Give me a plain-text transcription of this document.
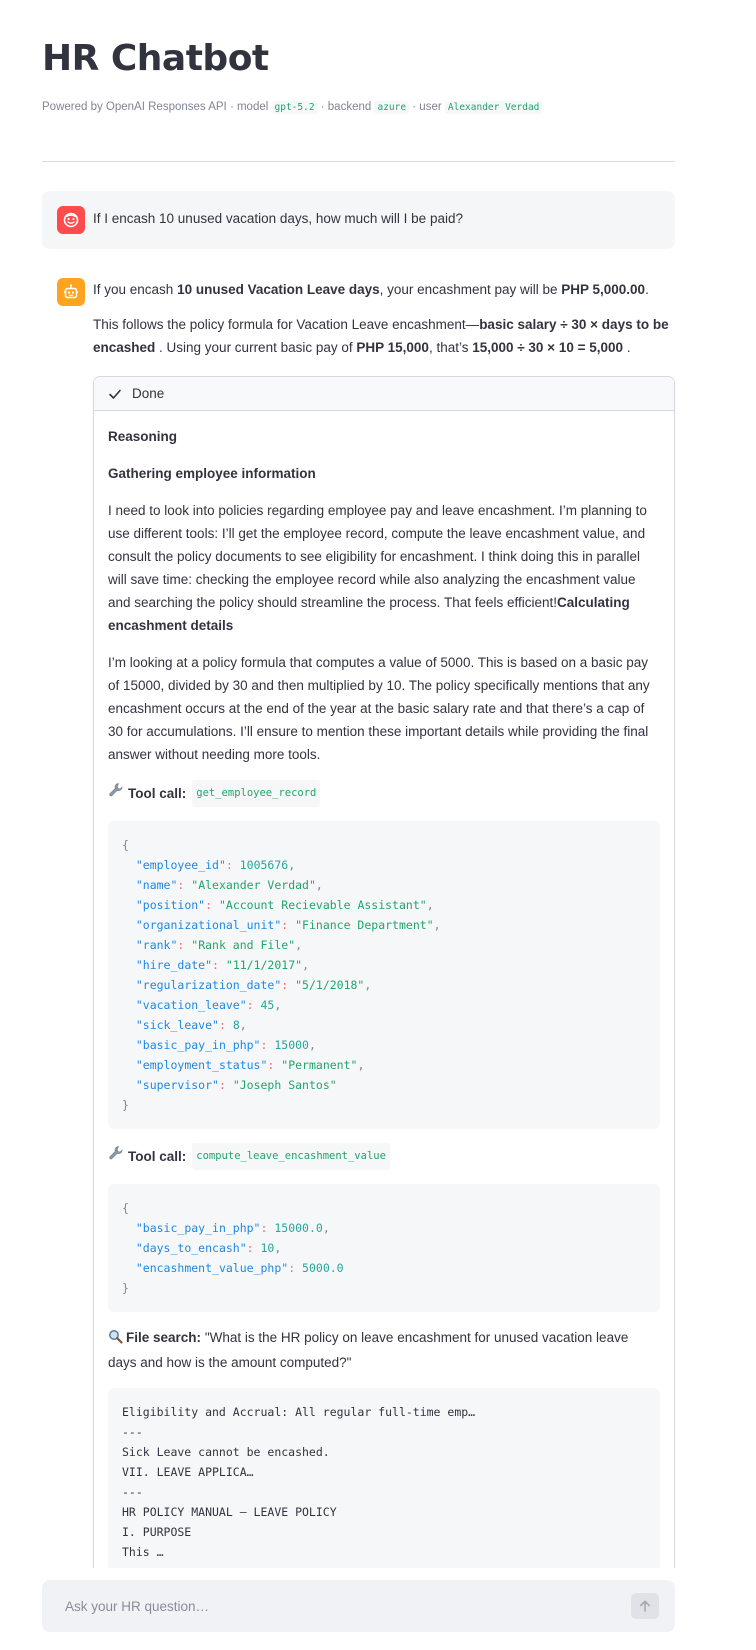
HR Chatbot
Powered by OpenAI Responses API · model gpt-5.2 · backend azure · user Alexander Verdad
If I encash 10 unused vacation days, how much will I be paid?
If you encash 10 unused Vacation Leave days, your encashment pay will be PHP 5,000.00.
This follows the policy formula for Vacation Leave encashment—basic salary ÷ 30 × days to be encashed . Using your current basic pay of PHP 15,000, that’s 15,000 ÷ 30 × 10 = 5,000 .
Done
Reasoning
Gathering employee information
I need to look into policies regarding employee pay and leave encashment. I’m planning to use different tools: I’ll get the employee record, compute the leave encashment value, and consult the policy documents to see eligibility for encashment. I think doing this in parallel will save time: checking the employee record while also analyzing the encashment value and searching the policy should streamline the process. That feels efficient!Calculating encashment details
I’m looking at a policy formula that computes a value of 5000. This is based on a basic pay of 15000, divided by 30 and then multiplied by 10. The policy specifically mentions that any encashment occurs at the end of the year at the basic salary rate and that there’s a cap of 30 for accumulations. I’ll ensure to mention these important details while providing the final answer without needing more tools.
Tool call: get_employee_record
{
"employee_id": 1005676,
"name": "Alexander Verdad",
"position": "Account Recievable Assistant",
"organizational_unit": "Finance Department",
"rank": "Rank and File",
"hire_date": "11/1/2017",
"regularization_date": "5/1/2018",
"vacation_leave": 45,
"sick_leave": 8,
"basic_pay_in_php": 15000,
"employment_status": "Permanent",
"supervisor": "Joseph Santos"
}
Tool call: compute_leave_encashment_value
{
"basic_pay_in_php": 15000.0,
"days_to_encash": 10,
"encashment_value_php": 5000.0
}
File search: "What is the HR policy on leave encashment for unused vacation leave days and how is the amount computed?"
Eligibility and Accrual: All regular full-time emp…
---
Sick Leave cannot be encashed.
VII. LEAVE APPLICA…
---
HR POLICY MANUAL – LEAVE POLICY
I. PURPOSE
This …
Ask your HR question…
